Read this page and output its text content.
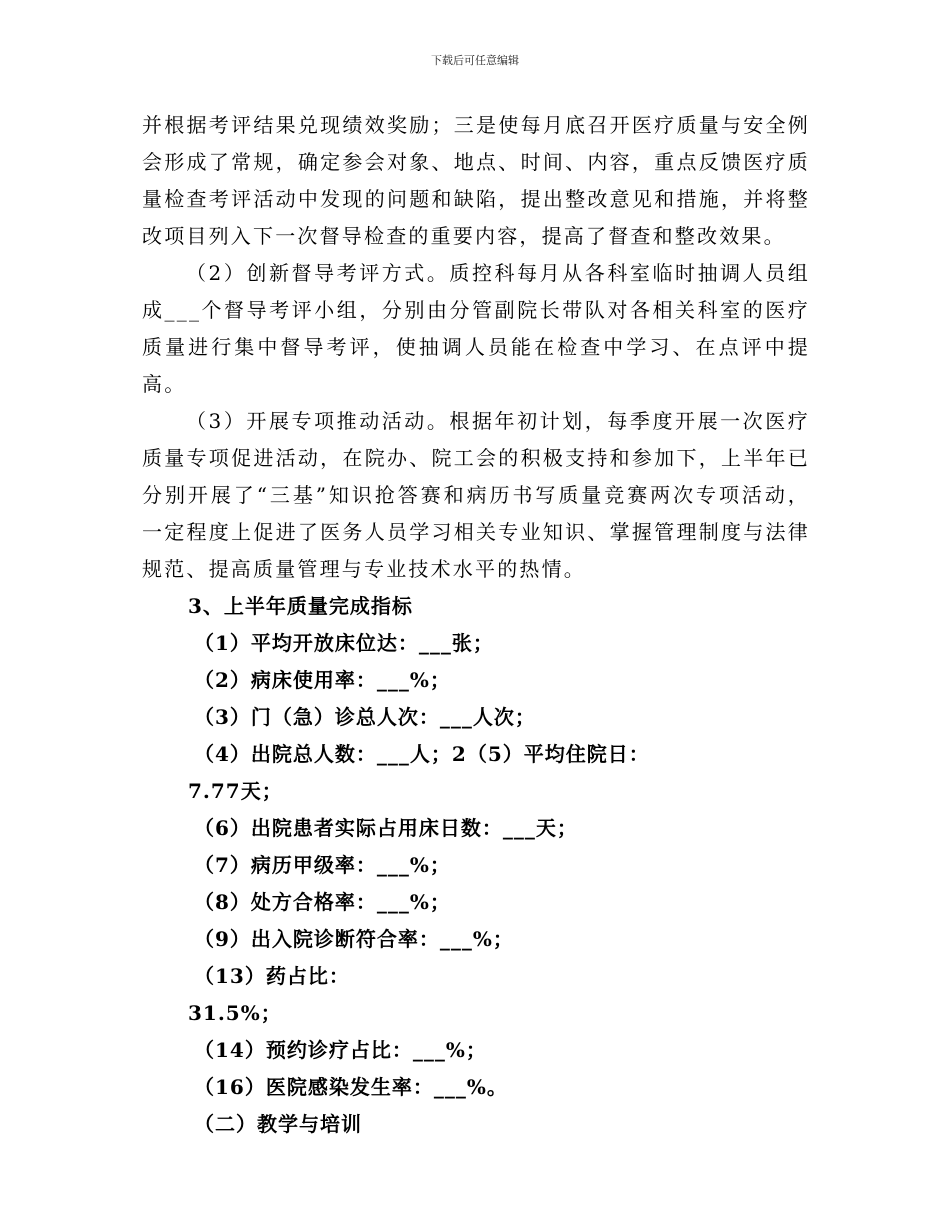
下载后可任意编辑

并根据考评结果兑现绩效奖励；三是使每月底召开医疗质量与安全例会形成了常规，确定参会对象、地点、时间、内容，重点反馈医疗质量检查考评活动中发现的问题和缺陷，提出整改意见和措施，并将整改项目列入下一次督导检查的重要内容，提高了督查和整改效果。

（2）创新督导考评方式。质控科每月从各科室临时抽调人员组成___个督导考评小组，分别由分管副院长带队对各相关科室的医疗质量进行集中督导考评，使抽调人员能在检查中学习、在点评中提高。

（3）开展专项推动活动。根据年初计划，每季度开展一次医疗质量专项促进活动，在院办、院工会的积极支持和参加下，上半年已分别开展了“三基”知识抢答赛和病历书写质量竞赛两次专项活动，一定程度上促进了医务人员学习相关专业知识、掌握管理制度与法律规范、提高质量管理与专业技术水平的热情。

3、上半年质量完成指标

（1）平均开放床位达：___张；

（2）病床使用率：___%；

（3）门（急）诊总人次：___人次；

（4）出院总人数：___人；2（5）平均住院日：

7.77天；

（6）出院患者实际占用床日数：___天；

（7）病历甲级率：___%；

（8）处方合格率：___%；

（9）出入院诊断符合率：___%；

（13）药占比：

31.5%；

（14）预约诊疗占比：___%；

（16）医院感染发生率：___%。

（二）教学与培训
